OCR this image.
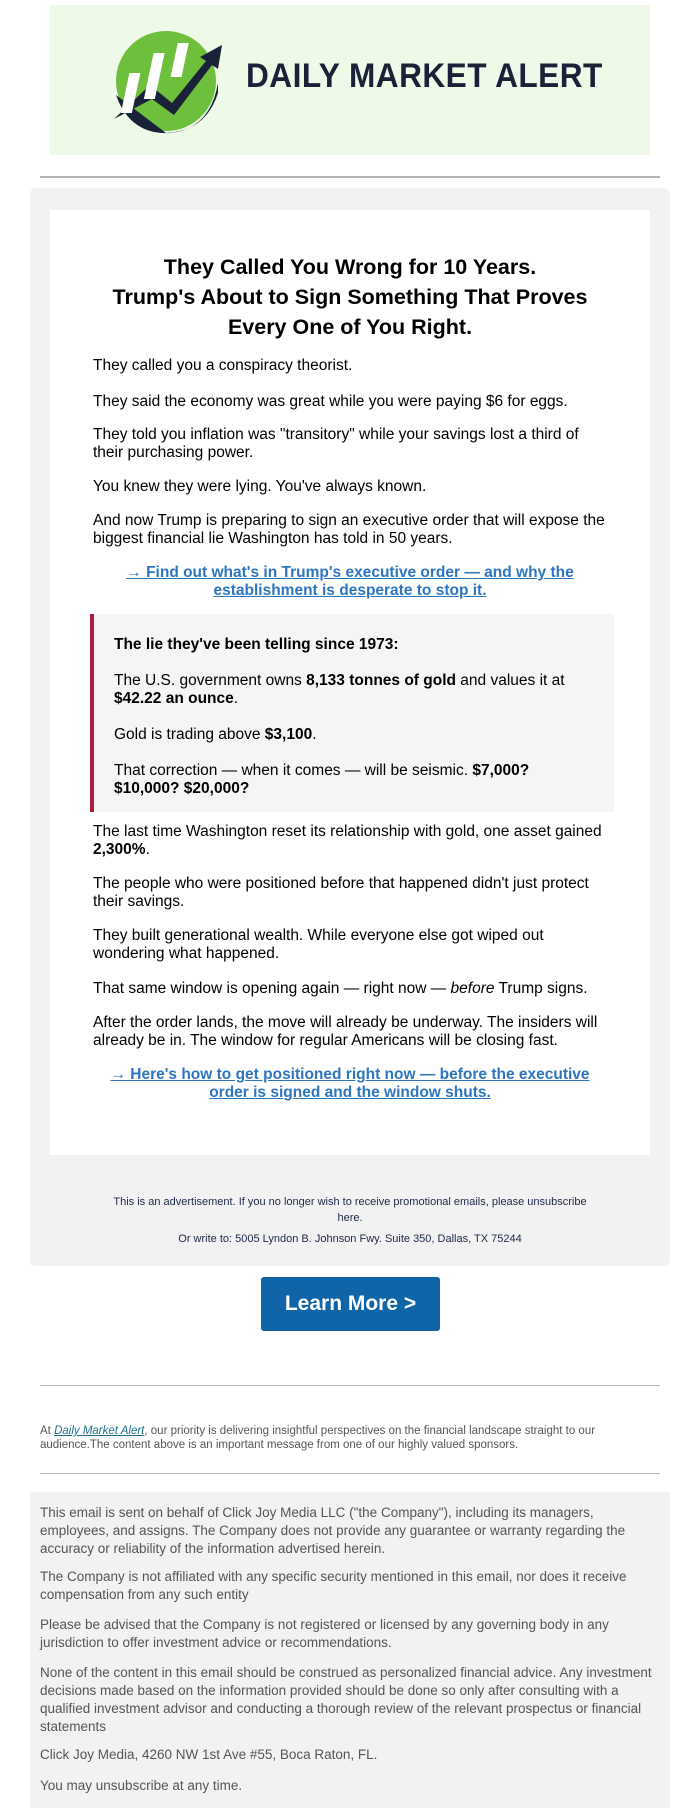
DAILY MARKET ALERT
They Called You Wrong for 10 Years.
Trump's About to Sign Something That Proves
Every One of You Right.

They called you a conspiracy theorist.

They said the economy was great while you were paying $6 for eggs.

They told you inflation was "transitory" while your savings lost a third of their purchasing power.

You knew they were lying. You've always known.

And now Trump is preparing to sign an executive order that will expose the biggest financial lie Washington has told in 50 years.

→ Find out what's in Trump's executive order — and why the establishment is desperate to stop it.

The lie they've been telling since 1973:

The U.S. government owns 8,133 tonnes of gold and values it at $42.22 an ounce.

Gold is trading above $3,100.

That correction — when it comes — will be seismic. $7,000? $10,000? $20,000?

The last time Washington reset its relationship with gold, one asset gained 2,300%.

The people who were positioned before that happened didn't just protect their savings.

They built generational wealth. While everyone else got wiped out wondering what happened.

That same window is opening again — right now — before Trump signs.

After the order lands, the move will already be underway. The insiders will already be in. The window for regular Americans will be closing fast.

→ Here's how to get positioned right now — before the executive order is signed and the window shuts.
This is an advertisement. If you no longer wish to receive promotional emails, please unsubscribe here.
Or write to: 5005 Lyndon B. Johnson Fwy. Suite 350, Dallas, TX 75244
Learn More >
At Daily Market Alert, our priority is delivering insightful perspectives on the financial landscape straight to our audience.The content above is an important message from one of our highly valued sponsors.

This email is sent on behalf of Click Joy Media LLC ("the Company"), including its managers, employees, and assigns. The Company does not provide any guarantee or warranty regarding the accuracy or reliability of the information advertised herein.

The Company is not affiliated with any specific security mentioned in this email, nor does it receive compensation from any such entity

Please be advised that the Company is not registered or licensed by any governing body in any jurisdiction to offer investment advice or recommendations.

None of the content in this email should be construed as personalized financial advice. Any investment decisions made based on the information provided should be done so only after consulting with a qualified investment advisor and conducting a thorough review of the relevant prospectus or financial statements

Click Joy Media, 4260 NW 1st Ave #55, Boca Raton, FL.

You may unsubscribe at any time.
